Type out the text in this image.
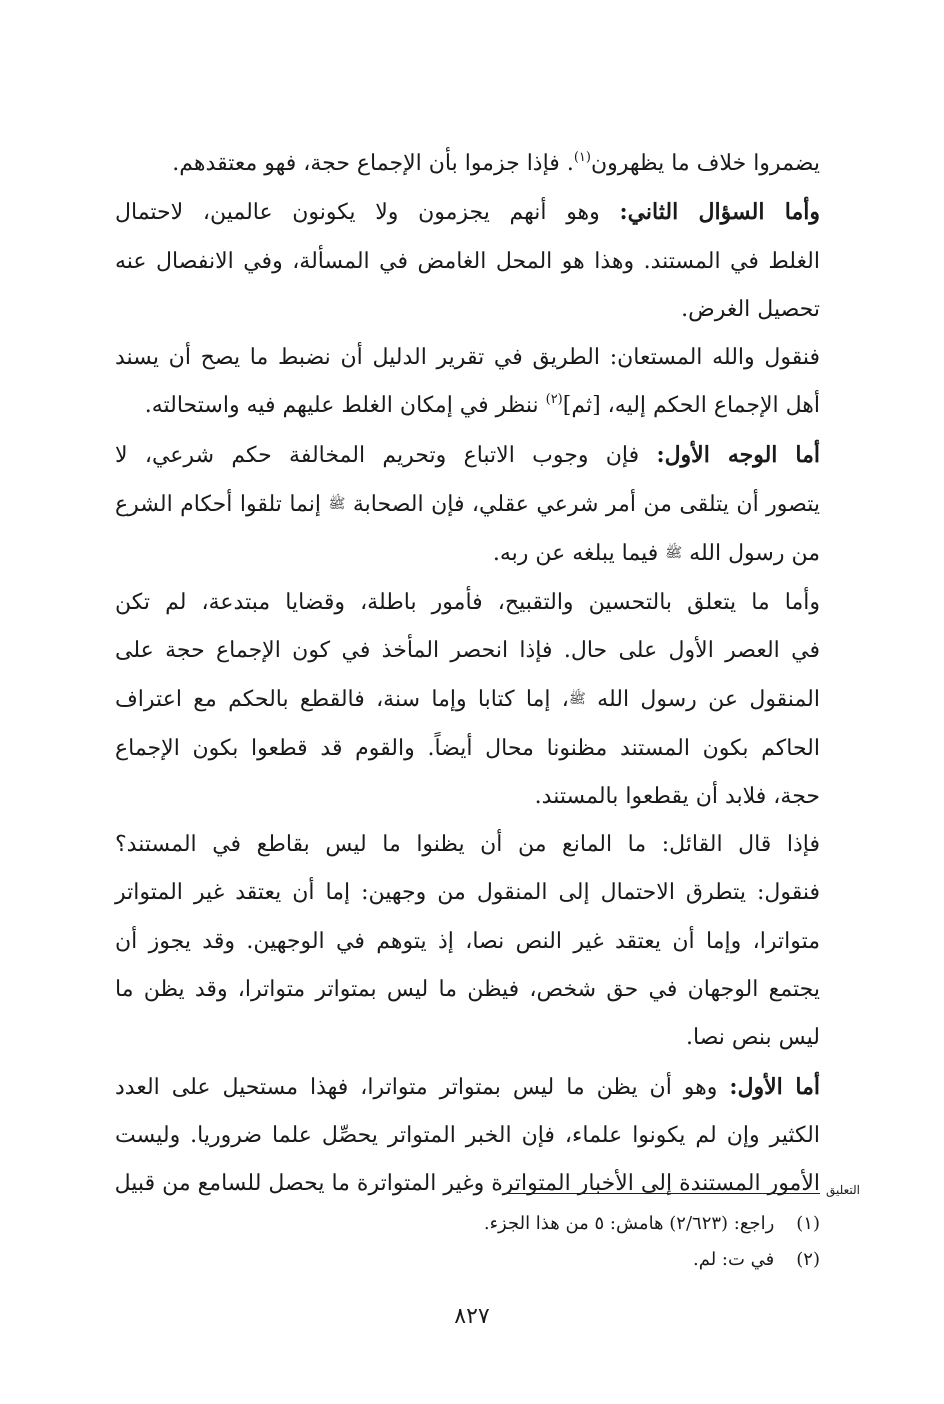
يضمروا خلاف ما يظهرون$^{(١)}$. فإذا جزموا بأن الإجماع حجة، فهو معتقدهم.
وأما السؤال الثاني: وهو أنهم يجزمون ولا يكونون عالمين، لاحتمال
الغلط في المستند. وهذا هو المحل الغامض في المسألة، وفي الانفصال عنه
تحصيل الغرض.
فنقول والله المستعان: الطريق في تقرير الدليل أن نضبط ما يصح أن يسند
أهل الإجماع الحكم إليه، [ثم]$^{(٢)}$ ننظر في إمكان الغلط عليهم فيه واستحالته.
أما الوجه الأول: فإن وجوب الاتباع وتحريم المخالفة حكم شرعي، لا
يتصور أن يتلقى من أمر شرعي عقلي، فإن الصحابة ﷺ إنما تلقوا أحكام الشرع
من رسول الله ﷺ فيما يبلغه عن ربه.
وأما ما يتعلق بالتحسين والتقبيح، فأمور باطلة، وقضايا مبتدعة، لم تكن
في العصر الأول على حال. فإذا انحصر المأخذ في كون الإجماع حجة على
المنقول عن رسول الله ﷺ، إما كتابا وإما سنة، فالقطع بالحكم مع اعتراف
الحاكم بكون المستند مظنونا محال أيضاً. والقوم قد قطعوا بكون الإجماع
حجة، فلابد أن يقطعوا بالمستند.
فإذا قال القائل: ما المانع من أن يظنوا ما ليس بقاطع في المستند؟
فنقول: يتطرق الاحتمال إلى المنقول من وجهين: إما أن يعتقد غير المتواتر
متواترا، وإما أن يعتقد غير النص نصا، إذ يتوهم في الوجهين. وقد يجوز أن
يجتمع الوجهان في حق شخص، فيظن ما ليس بمتواتر متواترا، وقد يظن ما
ليس بنص نصا.
أما الأول: وهو أن يظن ما ليس بمتواتر متواترا، فهذا مستحيل على العدد
الكثير وإن لم يكونوا علماء، فإن الخبر المتواتر يحصِّل علما ضروريا. وليست
الأمور المستندة إلى الأخبار المتواترة وغير المتواترة ما يحصل للسامع من قبيل التعليق
(١) راجع: (٢/٦٢٣) هامش: ٥ من هذا الجزء.
(٢) في ت: لم.
٨٢٧
